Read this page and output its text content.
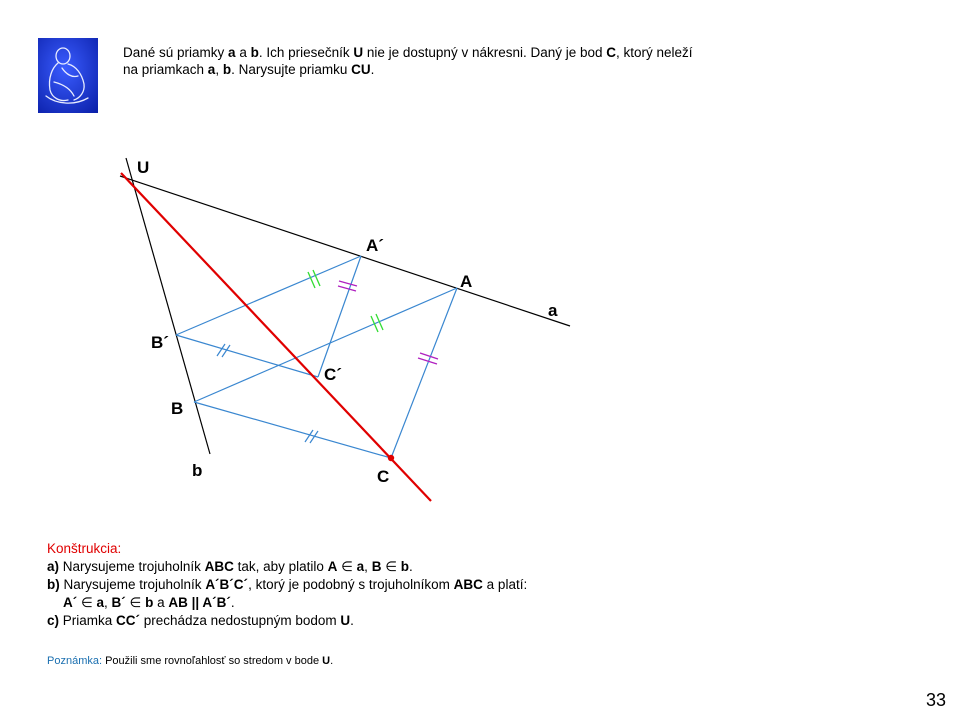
Dané sú priamky a a b. Ich priesečník U nie je dostupný v nákresni. Daný je bod C, ktorý neleží
na priamkach a, b. Narysujte priamku CU.
U
A´
A
a
B´
C´
B
b	C
Konštrukcia:
a) Narysujeme trojuholník ABC tak, aby platilo A ∈ a, B ∈ b.
b) Narysujeme trojuholník A´B´C´, ktorý je podobný s trojuholníkom ABC a platí:
A´ ∈ a, B´ ∈ b a AB || A´B´.
c) Priamka CC´ prechádza nedostupným bodom U.
Poznámka: Použili sme rovnoľahlosť so stredom v bode U.
33
